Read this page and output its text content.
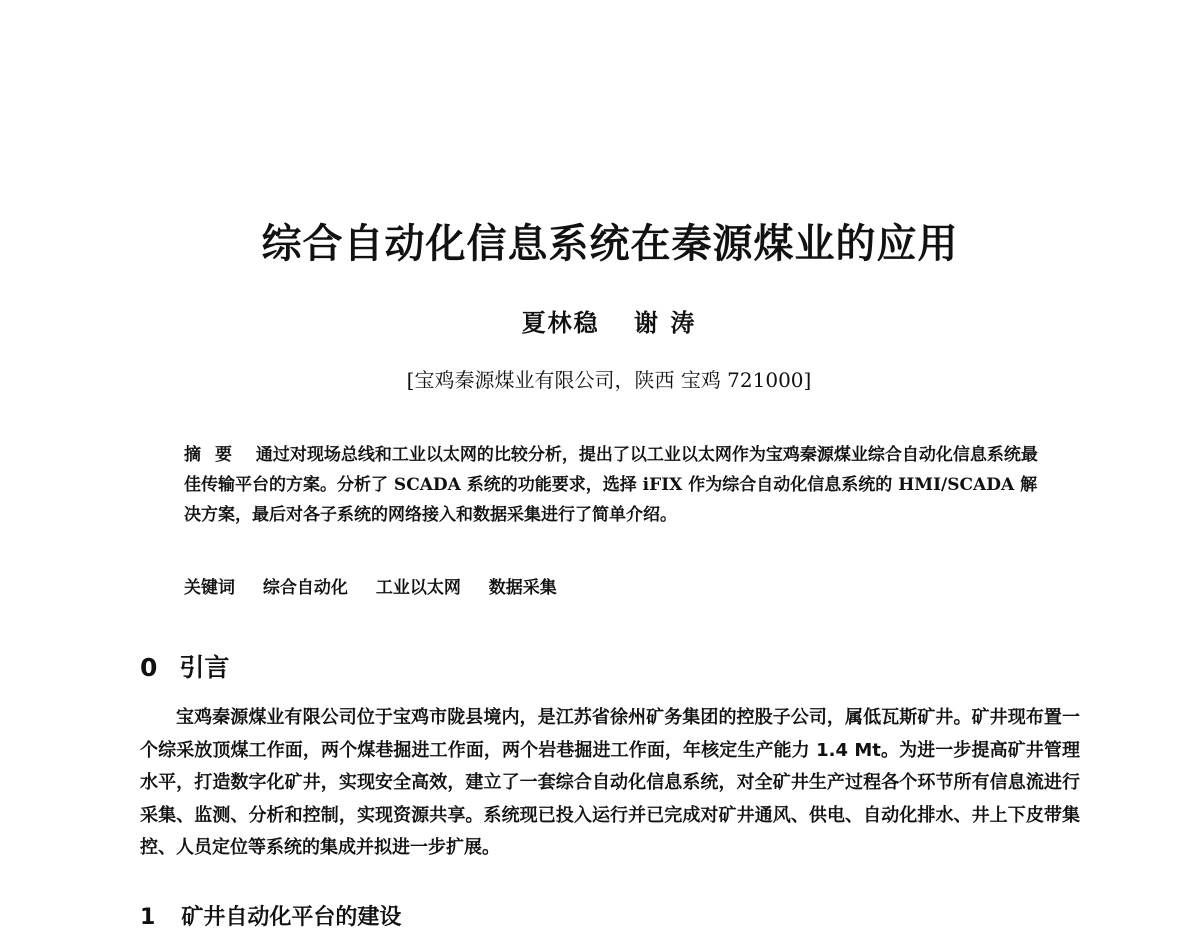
综合自动化信息系统在秦源煤业的应用

夏林稳 谢 涛

[宝鸡秦源煤业有限公司，陕西 宝鸡 721000]

摘要 通过对现场总线和工业以太网的比较分析，提出了以工业以太网作为宝鸡秦源煤业综合自动化信息系统最佳传输平台的方案。分析了 SCADA 系统的功能要求，选择 iFIX 作为综合自动化信息系统的 HMI/SCADA 解决方案，最后对各子系统的网络接入和数据采集进行了简单介绍。

关键词 综合自动化 工业以太网 数据采集

0 引言

宝鸡秦源煤业有限公司位于宝鸡市陇县境内，是江苏省徐州矿务集团的控股子公司，属低瓦斯矿井。矿井现布置一个综采放顶煤工作面，两个煤巷掘进工作面，两个岩巷掘进工作面，年核定生产能力 1.4 Mt。为进一步提高矿井管理水平，打造数字化矿井，实现安全高效，建立了一套综合自动化信息系统，对全矿井生产过程各个环节所有信息流进行采集、监测、分析和控制，实现资源共享。系统现已投入运行并已完成对矿井通风、供电、自动化排水、井上下皮带集控、人员定位等系统的集成并拟进一步扩展。

1 矿井自动化平台的建设
